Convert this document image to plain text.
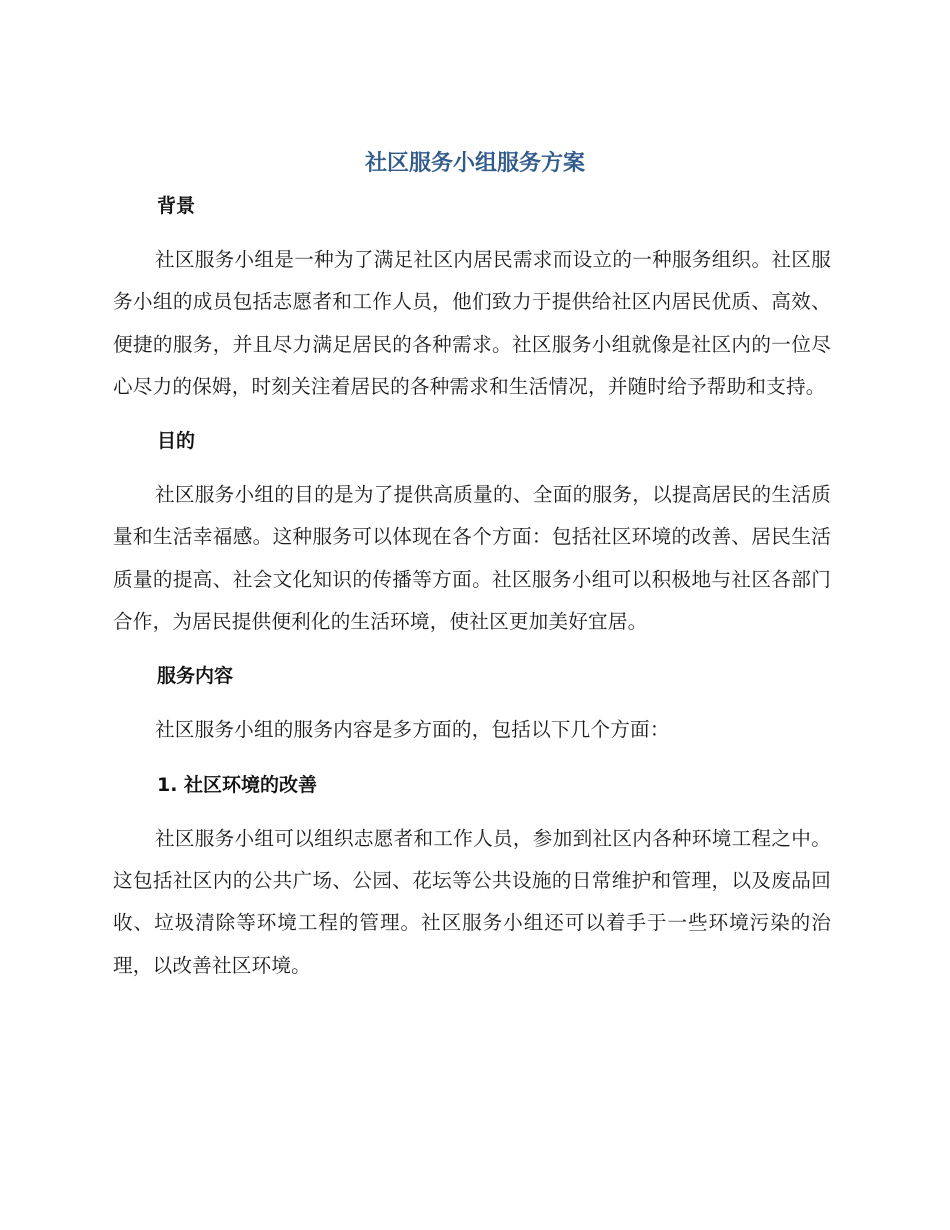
社区服务小组服务方案
背景

社区服务小组是一种为了满足社区内居民需求而设立的一种服务组织。社区服务小组的成员包括志愿者和工作人员，他们致力于提供给社区内居民优质、高效、便捷的服务，并且尽力满足居民的各种需求。社区服务小组就像是社区内的一位尽心尽力的保姆，时刻关注着居民的各种需求和生活情况，并随时给予帮助和支持。

目的

社区服务小组的目的是为了提供高质量的、全面的服务，以提高居民的生活质量和生活幸福感。这种服务可以体现在各个方面：包括社区环境的改善、居民生活质量的提高、社会文化知识的传播等方面。社区服务小组可以积极地与社区各部门合作，为居民提供便利化的生活环境，使社区更加美好宜居。

服务内容

社区服务小组的服务内容是多方面的，包括以下几个方面：

1. 社区环境的改善

社区服务小组可以组织志愿者和工作人员，参加到社区内各种环境工程之中。这包括社区内的公共广场、公园、花坛等公共设施的日常维护和管理，以及废品回收、垃圾清除等环境工程的管理。社区服务小组还可以着手于一些环境污染的治理，以改善社区环境。
